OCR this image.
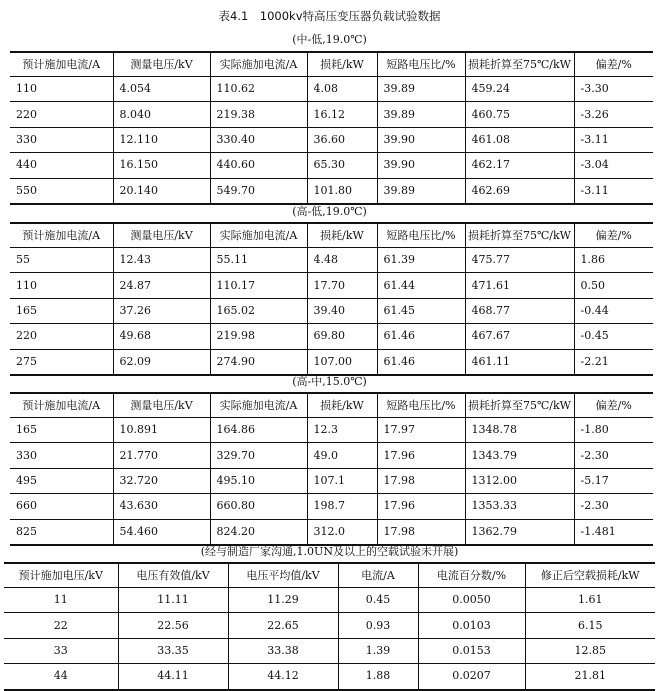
表4.1　1000kv特高压变压器负载试验数据
(中-低,19.0℃)
预计施加电流/A	测量电压/kV	实际施加电流/A	损耗/kW	短路电压比/%	损耗折算至75℃/kW	偏差/%
110	4.054	110.62	4.08	39.89	459.24	-3.30
220	8.040	219.38	16.12	39.89	460.75	-3.26
330	12.110	330.40	36.60	39.90	461.08	-3.11
440	16.150	440.60	65.30	39.90	462.17	-3.04
550	20.140	549.70	101.80	39.89	462.69	-3.11
(高-低,19.0℃)
预计施加电流/A	测量电压/kV	实际施加电流/A	损耗/kW	短路电压比/%	损耗折算至75℃/kW	偏差/%
55	12.43	55.11	4.48	61.39	475.77	1.86
110	24.87	110.17	17.70	61.44	471.61	0.50
165	37.26	165.02	39.40	61.45	468.77	-0.44
220	49.68	219.98	69.80	61.46	467.67	-0.45
275	62.09	274.90	107.00	61.46	461.11	-2.21
(高-中,15.0℃)
预计施加电流/A	测量电压/kV	实际施加电流/A	损耗/kW	短路电压比/%	损耗折算至75℃/kW	偏差/%
165	10.891	164.86	12.3	17.97	1348.78	-1.80
330	21.770	329.70	49.0	17.96	1343.79	-2.30
495	32.720	495.10	107.1	17.98	1312.00	-5.17
660	43.630	660.80	198.7	17.96	1353.33	-2.30
825	54.460	824.20	312.0	17.98	1362.79	-1.481
(经与制造厂家沟通,1.0UN及以上的空载试验未开展)
预计施加电压/kV	电压有效值/kV	电压平均值/kV	电流/A	电流百分数/%	修正后空载损耗/kW
11	11.11	11.29	0.45	0.0050	1.61
22	22.56	22.65	0.93	0.0103	6.15
33	33.35	33.38	1.39	0.0153	12.85
44	44.11	44.12	1.88	0.0207	21.81
